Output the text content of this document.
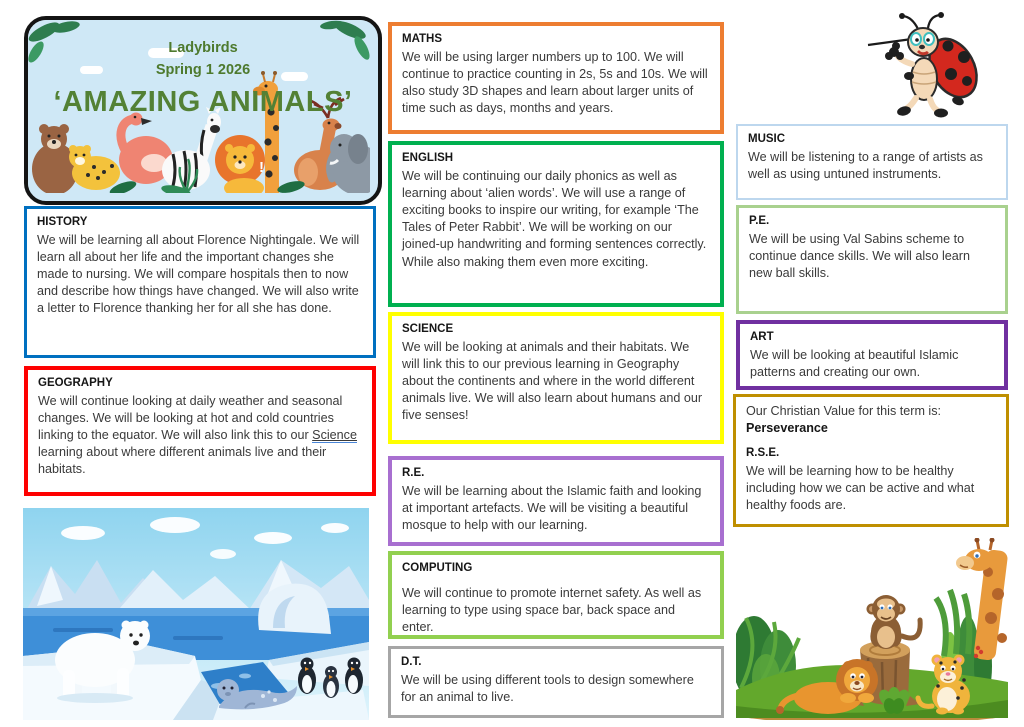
!
Ladybirds
Spring 1 2026
‘AMAZING ANIMALS’
HISTORY
We will be learning all about Florence Nightingale. We will learn all about her life and the important changes she made to nursing. We will compare hospitals then to now and describe how things have changed. We will also write a letter to Florence thanking her for all she has done.
GEOGRAPHY
We will continue looking at daily weather and seasonal changes. We will be looking at hot and cold countries linking to the equator. We will also link this to our Science learning about where different animals live and their habitats.
MATHS
We will be using larger numbers up to 100. We will continue to practice counting in 2s, 5s and 10s. We will also study 3D shapes and learn about larger units of time such as days, months and years.
ENGLISH
We will be continuing our daily phonics as well as learning about ‘alien words’. We will use a range of exciting books to inspire our writing, for example ‘The Tales of Peter Rabbit’. We will be working on our joined-up handwriting and forming sentences correctly. While also making them even more exciting.
SCIENCE
We will be looking at animals and their habitats. We will link this to our previous learning in Geography about the continents and where in the world different animals live. We will also learn about humans and our five senses!
R.E.
We will be learning about the Islamic faith and looking at important artefacts. We will be visiting a beautiful mosque to help with our learning.
COMPUTING
We will continue to promote internet safety. As well as learning to type using space bar, back space and enter.
D.T.
We will be using different tools to design somewhere for an animal to live.
MUSIC
We will be listening to a range of artists as well as using untuned instruments.
P.E.
We will be using Val Sabins scheme to continue dance skills. We will also learn new ball skills.
ART
We will be looking at beautiful Islamic patterns and creating our own.
Our Christian Value for this term is:
Perseverance
R.S.E.
We will be learning how to be healthy including how we can be active and what healthy foods are.
